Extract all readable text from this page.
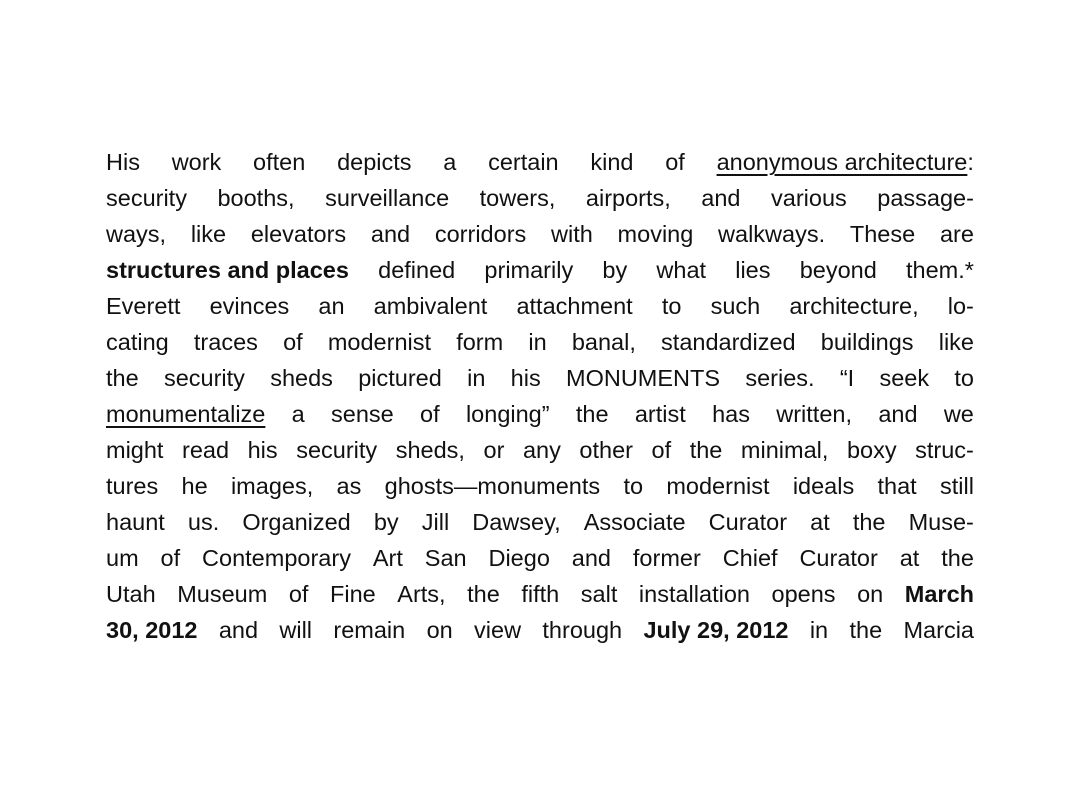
His work often depicts a certain kind of anonymous architecture:
security booths, surveillance towers, airports, and various passage-
ways, like elevators and corridors with moving walkways. These are
structures and places defined primarily by what lies beyond them.*
Everett evinces an ambivalent attachment to such architecture, lo-
cating traces of modernist form in banal, standardized buildings like
the security sheds pictured in his MONUMENTS series. “I seek to
monumentalize a sense of longing” the artist has written, and we
might read his security sheds, or any other of the minimal, boxy struc-
tures he images, as ghosts—monuments to modernist ideals that still
haunt us. Organized by Jill Dawsey, Associate Curator at the Muse-
um of Contemporary Art San Diego and former Chief Curator at the
Utah Museum of Fine Arts, the fifth salt installation opens on March
30, 2012 and will remain on view through July 29, 2012 in the Marcia
